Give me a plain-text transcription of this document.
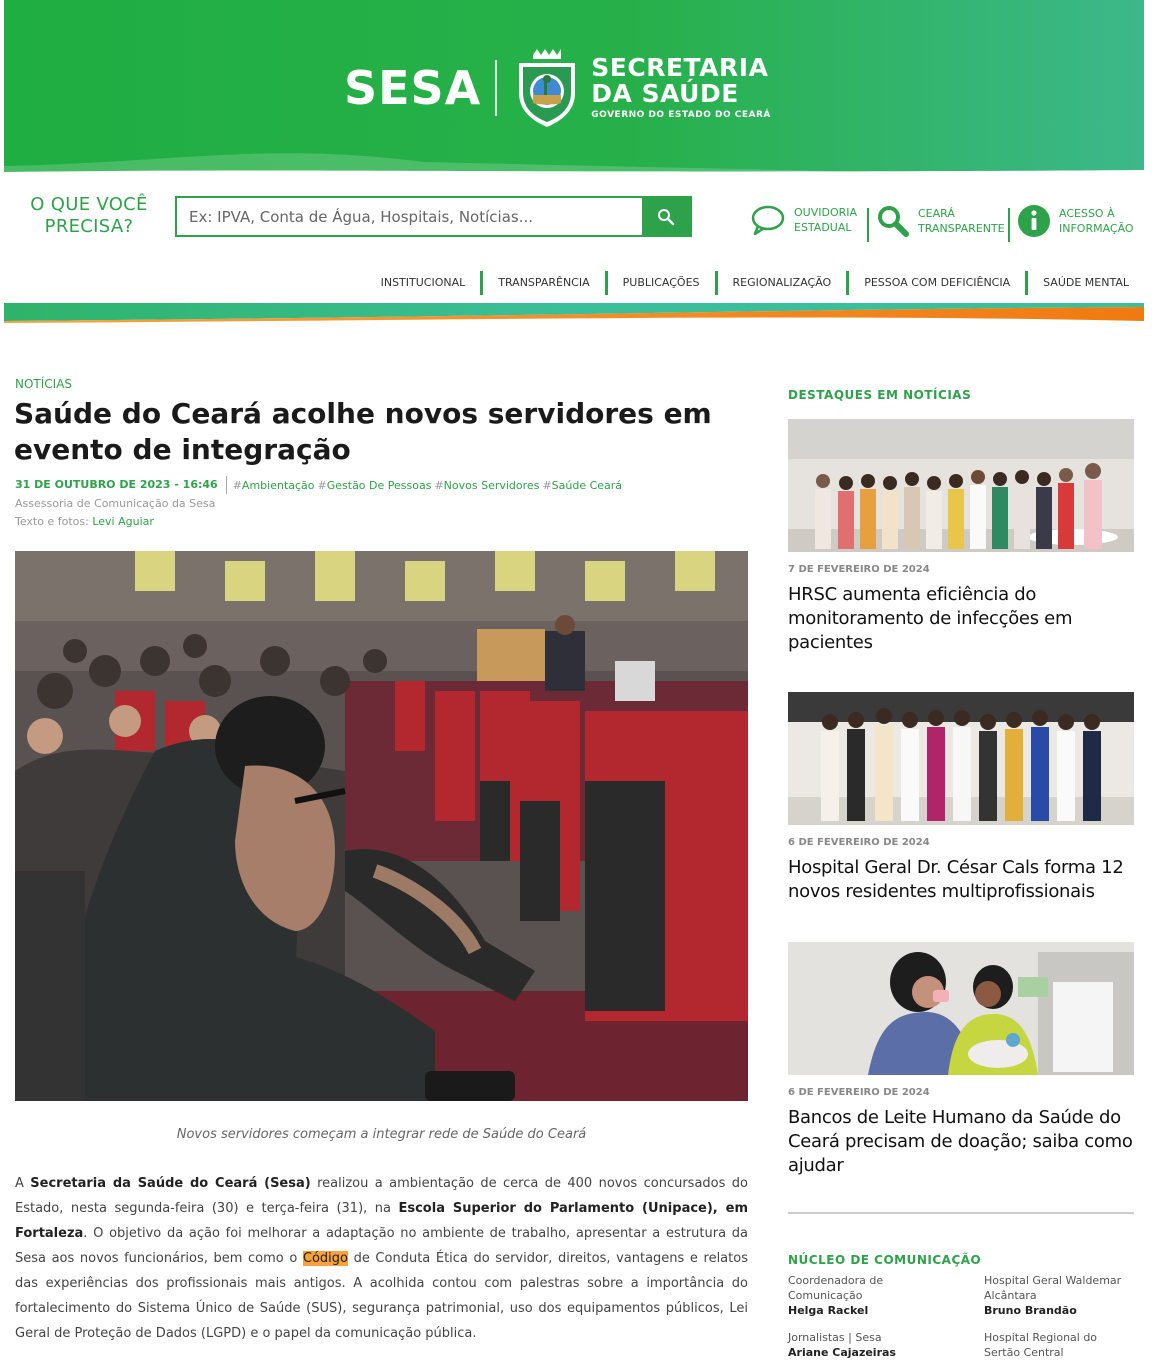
SESA	SECRETARIA
DA SAÚDE
GOVERNO DO ESTADO DO CEARÁ
O QUE VOCÊ
PRECISA?
Ex: IPVA, Conta de Água, Hospitais, Notícias...
OUVIDORIA
ESTADUAL
CEARÁ
TRANSPARENTE
ACESSO À
INFORMAÇÃO
INSTITUCIONAL	TRANSPARÊNCIA	PUBLICAÇÕES	REGIONALIZAÇÃO	PESSOA COM DEFICIÊNCIA	SAÚDE MENTAL
NOTÍCIAS
Saúde do Ceará acolhe novos servidores em evento de integração
31 DE OUTUBRO DE 2023 - 16:46	#Ambientação #Gestão De Pessoas #Novos Servidores #Saúde Ceará
Assessoria de Comunicação da Sesa
Texto e fotos: Levi Aguiar
Novos servidores começam a integrar rede de Saúde do Ceará
A Secretaria da Saúde do Ceará (Sesa) realizou a ambientação de cerca de 400 novos concursados do Estado, nesta segunda-feira (30) e terça-feira (31), na Escola Superior do Parlamento (Unipace), em Fortaleza. O objetivo da ação foi melhorar a adaptação no ambiente de trabalho, apresentar a estrutura da Sesa aos novos funcionários, bem como o Código de Conduta Ética do servidor, direitos, vantagens e relatos das experiências dos profissionais mais antigos. A acolhida contou com palestras sobre a importância do fortalecimento do Sistema Único de Saúde (SUS), segurança patrimonial, uso dos equipamentos públicos, Lei Geral de Proteção de Dados (LGPD) e o papel da comunicação pública.
DESTAQUES EM NOTÍCIAS
7 DE FEVEREIRO DE 2024
HRSC aumenta eficiência do monitoramento de infecções em pacientes
6 DE FEVEREIRO DE 2024
Hospital Geral Dr. César Cals forma 12 novos residentes multiprofissionais
6 DE FEVEREIRO DE 2024
Bancos de Leite Humano da Saúde do Ceará precisam de doação; saiba como ajudar
NÚCLEO DE COMUNICAÇÃO
Coordenadora de
Comunicação
Helga Rackel
Hospital Geral Waldemar
Alcântara
Bruno Brandão
Jornalistas | Sesa
Ariane Cajazeiras
Hospital Regional do
Sertão Central
